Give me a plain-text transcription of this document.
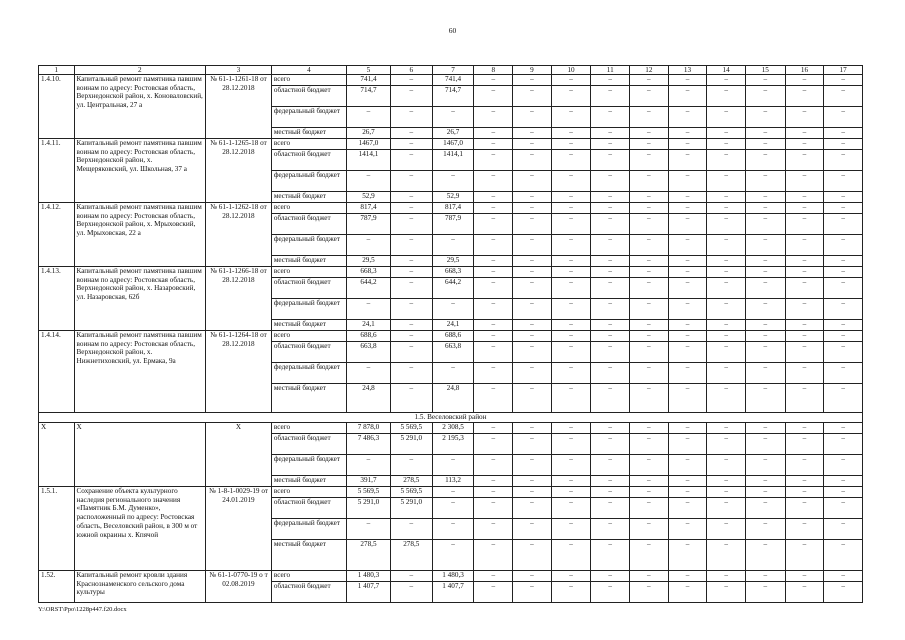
60
1	2	3	4	5	6	7	8	9	10	11	12	13	14	15	16	17
1.4.10.	Капитальный ремонт памятника павшим воинам по адресу: Ростовская область, Верхнедонской район, х. Коноваловский, ул. Центральная, 27 а	№ 61-1-1261-18 от 28.12.2018	всего	741,4	–	741,4	–	–	–	–	–	–	–	–	–	–
			областной бюджет	714,7	–	714,7	–	–	–	–	–	–	–	–	–	–
			федеральный бюджет	–	–	–	–	–	–	–	–	–	–	–	–	–
			местный бюджет	26,7	–	26,7	–	–	–	–	–	–	–	–	–	–
1.4.11.	Капитальный ремонт памятника павшим воинам по адресу: Ростовская область, Верхнедонской район, х. Мещеряковский, ул. Школьная, 37 а	№ 61-1-1265-18 от 28.12.2018	всего	1467,0	–	1467,0	–	–	–	–	–	–	–	–	–	–
			областной бюджет	1414,1	–	1414,1	–	–	–	–	–	–	–	–	–	–
			федеральный бюджет	–	–	–	–	–	–	–	–	–	–	–	–	–
			местный бюджет	52,9	–	52,9	–	–	–	–	–	–	–	–	–	–
1.4.12.	Капитальный ремонт памятника павшим воинам по адресу: Ростовская область, Верхнедонской район, х. Мрыховский, ул. Мрыховская, 22 а	№ 61-1-1262-18 от 28.12.2018	всего	817,4	–	817,4	–	–	–	–	–	–	–	–	–	–
			областной бюджет	787,9	–	787,9	–	–	–	–	–	–	–	–	–	–
			федеральный бюджет	–	–	–	–	–	–	–	–	–	–	–	–	–
			местный бюджет	29,5	–	29,5	–	–	–	–	–	–	–	–	–	–
1.4.13.	Капитальный ремонт памятника павшим воинам по адресу: Ростовская область, Верхнедонской район, х. Назаровский, ул. Назаровская, 62б	№ 61-1-1266-18 от 28.12.2018	всего	668,3	–	668,3	–	–	–	–	–	–	–	–	–	–
			областной бюджет	644,2	–	644,2	–	–	–	–	–	–	–	–	–	–
			федеральный бюджет	–	–	–	–	–	–	–	–	–	–	–	–	–
			местный бюджет	24,1	–	24,1	–	–	–	–	–	–	–	–	–	–
1.4.14.	Капитальный ремонт памятника павшим воинам по адресу: Ростовская область, Верхнедонской район, х. Нижнетиховский, ул. Ермака, 9а	№ 61-1-1264-18 от 28.12.2018	всего	688,6	–	688,6	–	–	–	–	–	–	–	–	–	–
			областной бюджет	663,8	–	663,8	–	–	–	–	–	–	–	–	–	–
			федеральный бюджет	–	–	–	–	–	–	–	–	–	–	–	–	–
			местный бюджет	24,8	–	24,8	–	–	–	–	–	–	–	–	–	–
1.5. Веселовский район																
Х	Х	Х	всего	7 878,0	5 569,5	2 308,5	–	–	–	–	–	–	–	–	–	–
			областной бюджет	7 486,3	5 291,0	2 195,3	–	–	–	–	–	–	–	–	–	–
			федеральный бюджет	–	–	–	–	–	–	–	–	–	–	–	–	–
			местный бюджет	391,7	278,5	113,2	–	–	–	–	–	–	–	–	–	–
1.5.1.	Сохранение объекта культурного наследия регионального значения «Памятник Б.М. Думенко», расположенный по адресу: Ростовская область, Веселовский район, в 300 м от южной окраины х. Кпячой	№ 1-8-1-0029-19 от 24.01.2019	всего	5 569,5	5 569,5	–	–	–	–	–	–	–	–	–	–	–
			областной бюджет	5 291,0	5 291,0	–	–	–	–	–	–	–	–	–	–	–
			федеральный бюджет	–	–	–	–	–	–	–	–	–	–	–	–	–
			местный бюджет	278,5	278,5	–	–	–	–	–	–	–	–	–	–	–
1.52.	Капитальный ремонт кровли здания Краснознаменского сельского дома культуры	№ 61-1-0770-19 о т 02.08.2019	всего	1 480,3	–	1 480,3	–	–	–	–	–	–	–	–	–	–
			областной бюджет	1 407,7	–	1 407,7	–	–	–	–	–	–	–	–	–	–
Y:\ORST\Ppo\1228p447.f20.docx
